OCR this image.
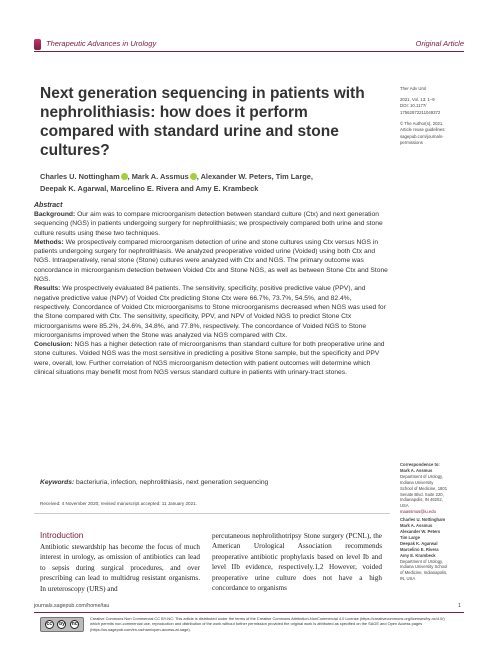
Therapeutic Advances in Urology	Original Article
Next generation sequencing in patients with nephrolithiasis: how does it perform compared with standard urine and stone cultures?
Ther Adv Urol
2021, Vol. 13: 1–9
DOI: 10.1177/
17562872211049372
© The Author(s), 2021.
Article reuse guidelines:
sagepub.com/journals-
permissions
Charles U. Nottingham , Mark A. Assmus , Alexander W. Peters, Tim Large,
Deepak K. Agarwal, Marcelino E. Rivera and Amy E. Krambeck
Abstract

Background: Our aim was to compare microorganism detection between standard culture (Ctx) and next generation sequencing (NGS) in patients undergoing surgery for nephrolithiasis; we prospectively compared both urine and stone culture results using these two techniques.

Methods: We prospectively compared microorganism detection of urine and stone cultures using Ctx versus NGS in patients undergoing surgery for nephrolithiasis. We analyzed preoperative voided urine (Voided) using both Ctx and NGS. Intraoperatively, renal stone (Stone) cultures were analyzed with Ctx and NGS. The primary outcome was concordance in microorganism detection between Voided Ctx and Stone NGS, as well as between Stone Ctx and Stone NGS.

Results: We prospectively evaluated 84 patients. The sensitivity, specificity, positive predictive value (PPV), and negative predictive value (NPV) of Voided Ctx predicting Stone Ctx were 66.7%, 73.7%, 54.5%, and 82.4%, respectively. Concordance of Voided Ctx microorganisms to Stone microorganisms decreased when NGS was used for the Stone compared with Ctx. The sensitivity, specificity, PPV, and NPV of Voided NGS to predict Stone Ctx microorganisms were 85.2%, 24.6%, 34.8%, and 77.8%, respectively. The concordance of Voided NGS to Stone microorganisms improved when the Stone was analyzed via NGS compared with Ctx.

Conclusion: NGS has a higher detection rate of microorganisms than standard culture for both preoperative urine and stone cultures. Voided NGS was the most sensitive in predicting a positive Stone sample, but the specificity and PPV were, overall, low. Further correlation of NGS microorganism detection with patient outcomes will determine which clinical situations may benefit most from NGS versus standard culture in patients with urinary-tract stones.

Keywords: bacteriuria, infection, nephrolithiasis, next generation sequencing
Received: 4 November 2020; revised manuscript accepted: 11 January 2021.
Introduction

Antibiotic stewardship has become the focus of much interest in urology, as omission of antibiotics can lead to sepsis during surgical procedures, and over prescribing can lead to multidrug resistant organisms. In ureteroscopy (URS) and

percutaneous nephrolithotripsy Stone surgery (PCNL), the American Urological Association recommends preoperative antibiotic prophylaxis based on level Ib and level IIb evidence, respectively.1,2 However, voided preoperative urine culture does not have a high concordance to organisms

Correspondence to:
Mark A. Assmus
Department of Urology,
Indiana University
School of Medicine, 1801
Senate Blvd. Suite 220,
Indianapolis, IN 46202,
USA
maassmus@iu.edu
Charles U. Nottingham
Mark A. Assmus
Alexander W. Peters
Tim Large
Deepak K. Agarwal
Marcelino E. Rivera
Amy E. Krambeck
Department of Urology,
Indiana University School
of Medicine, Indianapolis,
IN, USA
journals.sagepub.com/home/tau	1
cc	by	nc
Creative Commons Non Commercial CC BY-NC: This article is distributed under the terms of the Creative Commons Attribution-NonCommercial 4.0 License (https://creativecommons.org/licenses/by-nc/4.0/) which permits non-commercial use, reproduction and distribution of the work without further permission provided the original work is attributed as specified on the SAGE and Open Access pages (https://us.sagepub.com/en-us/nam/open-access-at-sage).
